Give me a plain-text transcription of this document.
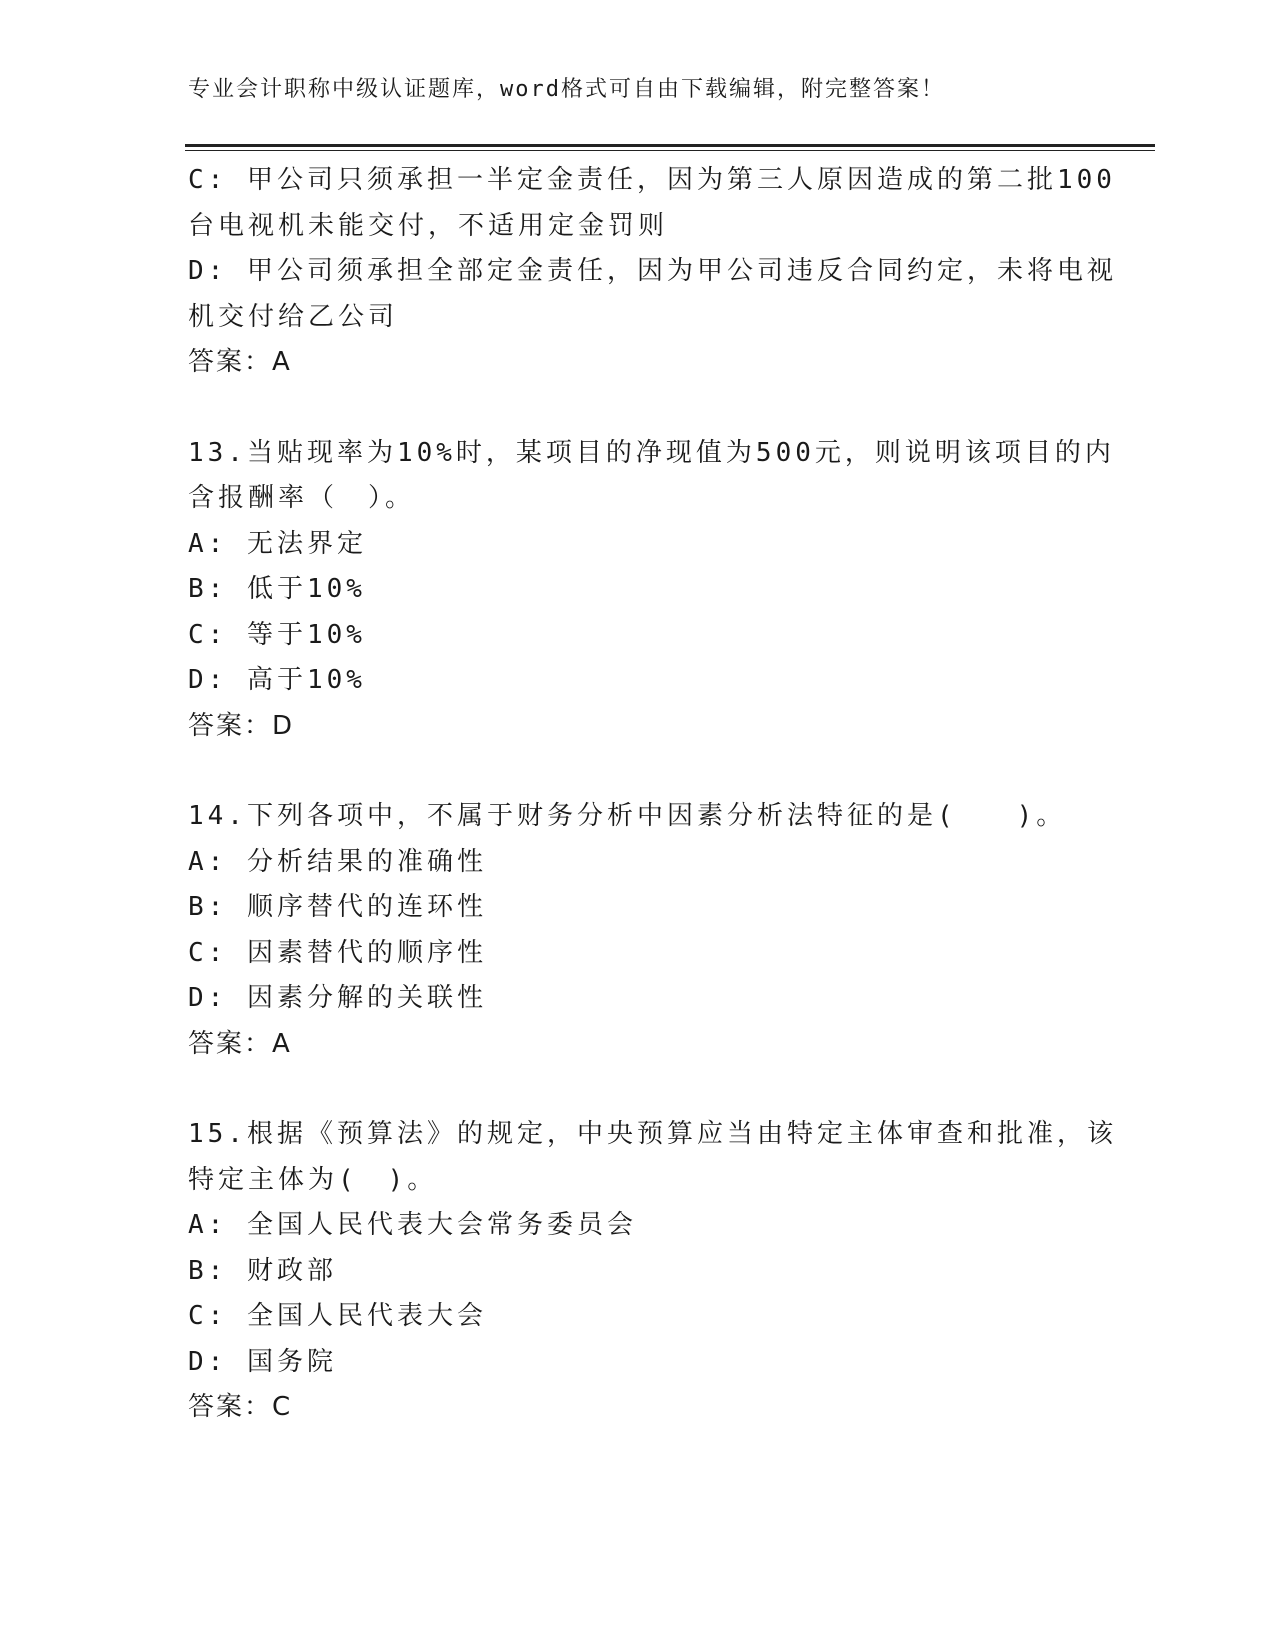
专业会计职称中级认证题库，word格式可自由下载编辑，附完整答案！
C: 甲公司只须承担一半定金责任，因为第三人原因造成的第二批100
台电视机未能交付，不适用定金罚则
D: 甲公司须承担全部定金责任，因为甲公司违反合同约定，未将电视
机交付给乙公司
答案：A
13.当贴现率为10%时，某项目的净现值为500元，则说明该项目的内
含报酬率（　）。
A: 无法界定
B: 低于10%
C: 等于10%
D: 高于10%
答案：D
14.下列各项中，不属于财务分析中因素分析法特征的是(　　)。
A: 分析结果的准确性
B: 顺序替代的连环性
C: 因素替代的顺序性
D: 因素分解的关联性
答案：A
15.根据《预算法》的规定，中央预算应当由特定主体审查和批准，该
特定主体为(　)。
A: 全国人民代表大会常务委员会
B: 财政部
C: 全国人民代表大会
D: 国务院
答案：C
